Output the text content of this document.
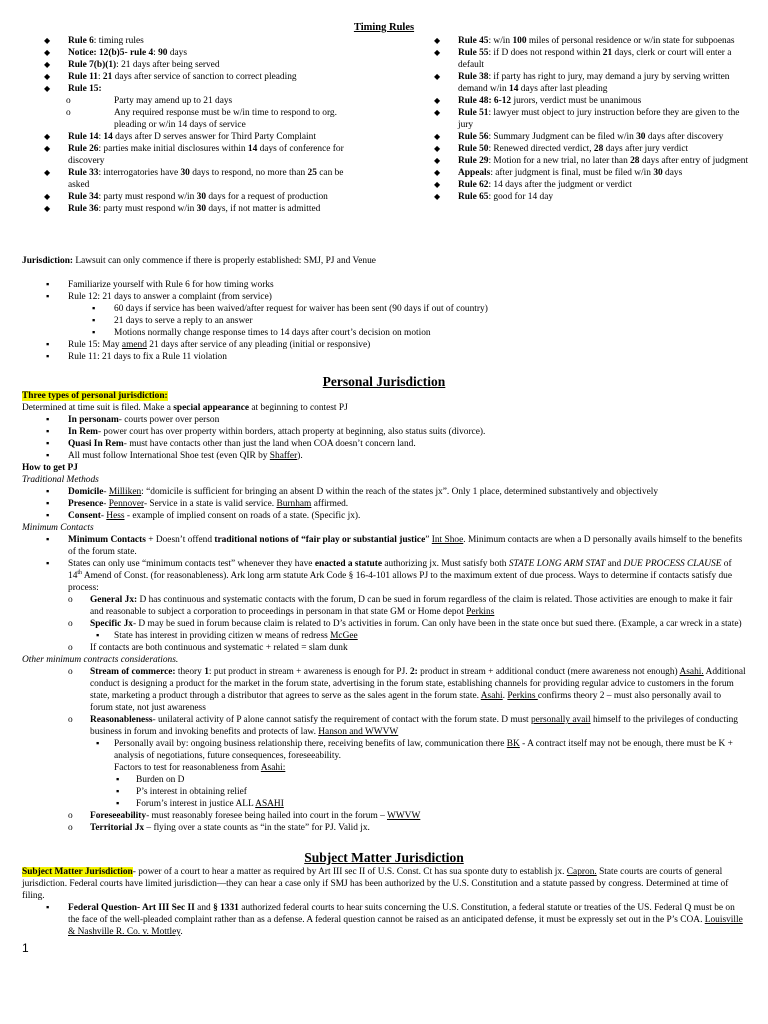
Timing Rules
◆ Rule 6: timing rules
◆ Notice: 12(b)5- rule 4: 90 days
◆ Rule 7(b)(1): 21 days after being served
◆ Rule 11: 21 days after service of sanction to correct pleading
◆ Rule 15:
o Party may amend up to 21 days
o Any required response must be w/in time to respond to org. pleading or w/in 14 days of service
◆ Rule 14: 14 days after D serves answer for Third Party Complaint
◆ Rule 26: parties make initial disclosures within 14 days of conference for discovery
◆ Rule 33: interrogatories have 30 days to respond, no more than 25 can be asked
◆ Rule 34: party must respond w/in 30 days for a request of production
◆ Rule 36: party must respond w/in 30 days, if not matter is admitted
◆ Rule 45: w/in 100 miles of personal residence or w/in state for subpoenas
◆ Rule 55: if D does not respond within 21 days, clerk or court will enter a default
◆ Rule 38: if party has right to jury, may demand a jury by serving written demand w/in 14 days after last pleading
◆ Rule 48: 6-12 jurors, verdict must be unanimous
◆ Rule 51: lawyer must object to jury instruction before they are given to the jury
◆ Rule 56: Summary Judgment can be filed w/in 30 days after discovery
◆ Rule 50: Renewed directed verdict, 28 days after jury verdict
◆ Rule 29: Motion for a new trial, no later than 28 days after entry of judgment
◆ Appeals: after judgment is final, must be filed w/in 30 days
◆ Rule 62: 14 days after the judgment or verdict
◆ Rule 65: good for 14 day

Jurisdiction: Lawsuit can only commence if there is properly established: SMJ, PJ and Venue

▪ Familiarize yourself with Rule 6 for how timing works
▪ Rule 12: 21 days to answer a complaint (from service)
▪ 60 days if service has been waived/after request for waiver has been sent (90 days if out of country)
▪ 21 days to serve a reply to an answer
▪ Motions normally change response times to 14 days after court’s decision on motion
▪ Rule 15: May amend 21 days after service of any pleading (initial or responsive)
▪ Rule 11: 21 days to fix a Rule 11 violation
Personal Jurisdiction

Three types of personal jurisdiction:

Determined at time suit is filed. Make a special appearance at beginning to contest PJ

▪ In personam- courts power over person
▪ In Rem- power court has over property within borders, attach property at beginning, also status suits (divorce).
▪ Quasi In Rem- must have contacts other than just the land when COA doesn’t concern land.
▪ All must follow International Shoe test (even QIR by Shaffer).

How to get PJ

Traditional Methods

▪ Domicile- Milliken: “domicile is sufficient for bringing an absent D within the reach of the states jx”. Only 1 place, determined substantively and objectively
▪ Presence- Pennover- Service in a state is valid service. Burnham affirmed.
▪ Consent- Hess - example of implied consent on roads of a state. (Specific jx).

Minimum Contacts

▪ Minimum Contacts + Doesn’t offend traditional notions of “fair play or substantial justice” Int Shoe. Minimum contacts are when a D personally avails himself to the benefits of the forum state.
▪ States can only use “minimum contacts test” whenever they have enacted a statute authorizing jx. Must satisfy both STATE LONG ARM STAT and DUE PROCESS CLAUSE of 14th Amend of Const. (for reasonableness). Ark long arm statute Ark Code § 16-4-101 allows PJ to the maximum extent of due process. Ways to determine if contacts satisfy due process:
o General Jx: D has continuous and systematic contacts with the forum, D can be sued in forum regardless of the claim is related. Those activities are enough to make it fair and reasonable to subject a corporation to proceedings in personam in that state GM or Home depot Perkins
o Specific Jx- D may be sued in forum because claim is related to D’s activities in forum. Can only have been in the state once but sued there. (Example, a car wreck in a state)
▪ State has interest in providing citizen w means of redress McGee
o If contacts are both continuous and systematic + related = slam dunk

Other minimum contracts considerations.

o Stream of commerce: theory 1: put product in stream + awareness is enough for PJ. 2: product in stream + additional conduct (mere awareness not enough) Asahi. Additional conduct is designing a product for the market in the forum state, advertising in the forum state, establishing channels for providing regular advice to customers in the forum state, marketing a product through a distributor that agrees to serve as the sales agent in the forum state. Asahi. Perkins confirms theory 2 – must also personally avail to forum state, not just awareness
o Reasonableness- unilateral activity of P alone cannot satisfy the requirement of contact with the forum state. D must personally avail himself to the privileges of conducting business in forum and invoking benefits and protects of law. Hanson and WWVW
▪ Personally avail by: ongoing business relationship there, receiving benefits of law, communication there BK - A contract itself may not be enough, there must be K + analysis of negotiations, future consequences, foreseeability.
Factors to test for reasonableness from Asahi:
▪ Burden on D
▪ P’s interest in obtaining relief
▪ Forum’s interest in justice ALL ASAHI
o Foreseeability- must reasonably foresee being hailed into court in the forum – WWVW
o Territorial Jx – flying over a state counts as “in the state” for PJ. Valid jx.
Subject Matter Jurisdiction

Subject Matter Jurisdiction- power of a court to hear a matter as required by Art III sec II of U.S. Const. Ct has sua sponte duty to establish jx. Capron. State courts are courts of general jurisdiction. Federal courts have limited jurisdiction—they can hear a case only if SMJ has been authorized by the U.S. Constitution and a statute passed by congress. Determined at time of filing.

▪ Federal Question- Art III Sec II and § 1331 authorized federal courts to hear suits concerning the U.S. Constitution, a federal statute or treaties of the US. Federal Q must be on the face of the well-pleaded complaint rather than as a defense. A federal question cannot be raised as an anticipated defense, it must be expressly set out in the P’s COA. Louisville & Nashville R. Co. v. Mottley.
1
